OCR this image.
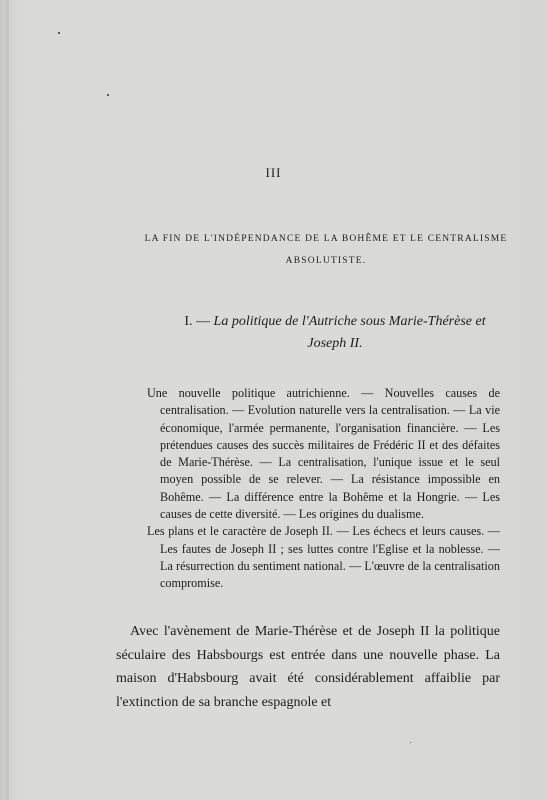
III
LA FIN DE L'INDÉPENDANCE DE LA BOHÊME ET LE CENTRALISME
ABSOLUTISTE.
I. — La politique de l'Autriche sous Marie-Thérèse et
Joseph II.

Une nouvelle politique autrichienne. — Nouvelles causes de centralisation. — Evolution naturelle vers la centralisation. — La vie économique, l'armée permanente, l'organisation financière. — Les prétendues causes des succès militaires de Frédéric II et des défaites de Marie-Thérèse. — La centralisation, l'unique issue et le seul moyen possible de se relever. — La résistance impossible en Bohême. — La différence entre la Bohême et la Hongrie. — Les causes de cette diversité. — Les origines du dualisme.

Les plans et le caractère de Joseph II. — Les échecs et leurs causes. — Les fautes de Joseph II ; ses luttes contre l'Eglise et la noblesse. — La résurrection du sentiment national. — L'œuvre de la centralisation compromise.

Avec l'avènement de Marie-Thérèse et de Joseph II la politique séculaire des Habsbourgs est entrée dans une nouvelle phase. La maison d'Habsbourg avait été considérablement affaiblie par l'extinction de sa branche espagnole et
